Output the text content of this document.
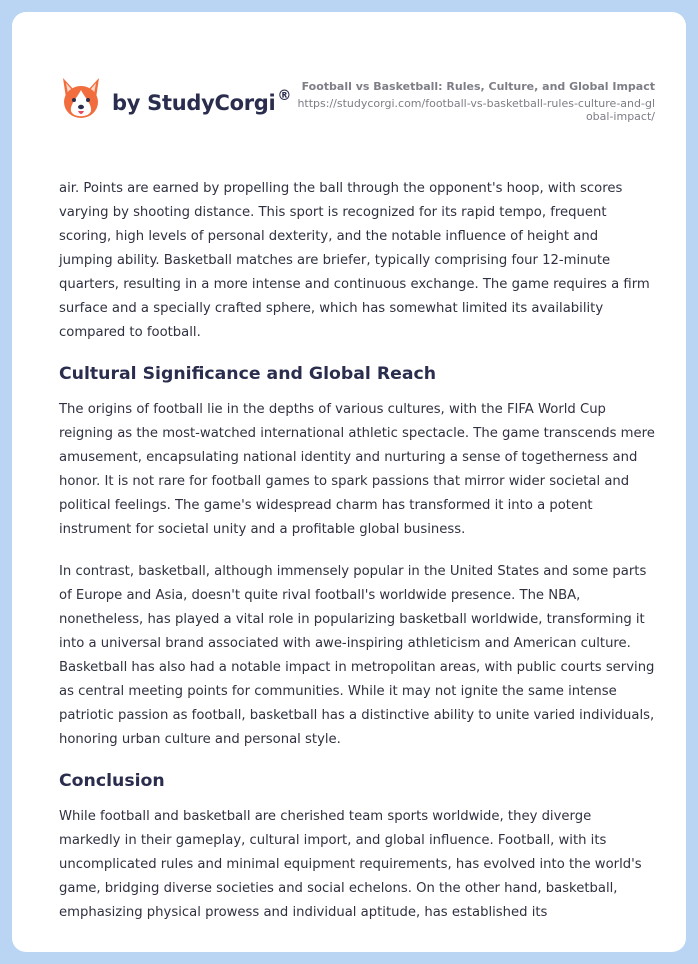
by StudyCorgi ®
Football vs Basketball: Rules, Culture, and Global Impact
https://studycorgi.com/football-vs-basketball-rules-culture-and-global-impact/

air. Points are earned by propelling the ball through the opponent's hoop, with scores varying by shooting distance. This sport is recognized for its rapid tempo, frequent scoring, high levels of personal dexterity, and the notable influence of height and jumping ability. Basketball matches are briefer, typically comprising four 12-minute quarters, resulting in a more intense and continuous exchange. The game requires a firm surface and a specially crafted sphere, which has somewhat limited its availability compared to football.

Cultural Significance and Global Reach

The origins of football lie in the depths of various cultures, with the FIFA World Cup reigning as the most-watched international athletic spectacle. The game transcends mere amusement, encapsulating national identity and nurturing a sense of togetherness and honor. It is not rare for football games to spark passions that mirror wider societal and political feelings. The game's widespread charm has transformed it into a potent instrument for societal unity and a profitable global business.

In contrast, basketball, although immensely popular in the United States and some parts of Europe and Asia, doesn't quite rival football's worldwide presence. The NBA, nonetheless, has played a vital role in popularizing basketball worldwide, transforming it into a universal brand associated with awe-inspiring athleticism and American culture. Basketball has also had a notable impact in metropolitan areas, with public courts serving as central meeting points for communities. While it may not ignite the same intense patriotic passion as football, basketball has a distinctive ability to unite varied individuals, honoring urban culture and personal style.

Conclusion

While football and basketball are cherished team sports worldwide, they diverge markedly in their gameplay, cultural import, and global influence. Football, with its uncomplicated rules and minimal equipment requirements, has evolved into the world's game, bridging diverse societies and social echelons. On the other hand, basketball, emphasizing physical prowess and individual aptitude, has established its
